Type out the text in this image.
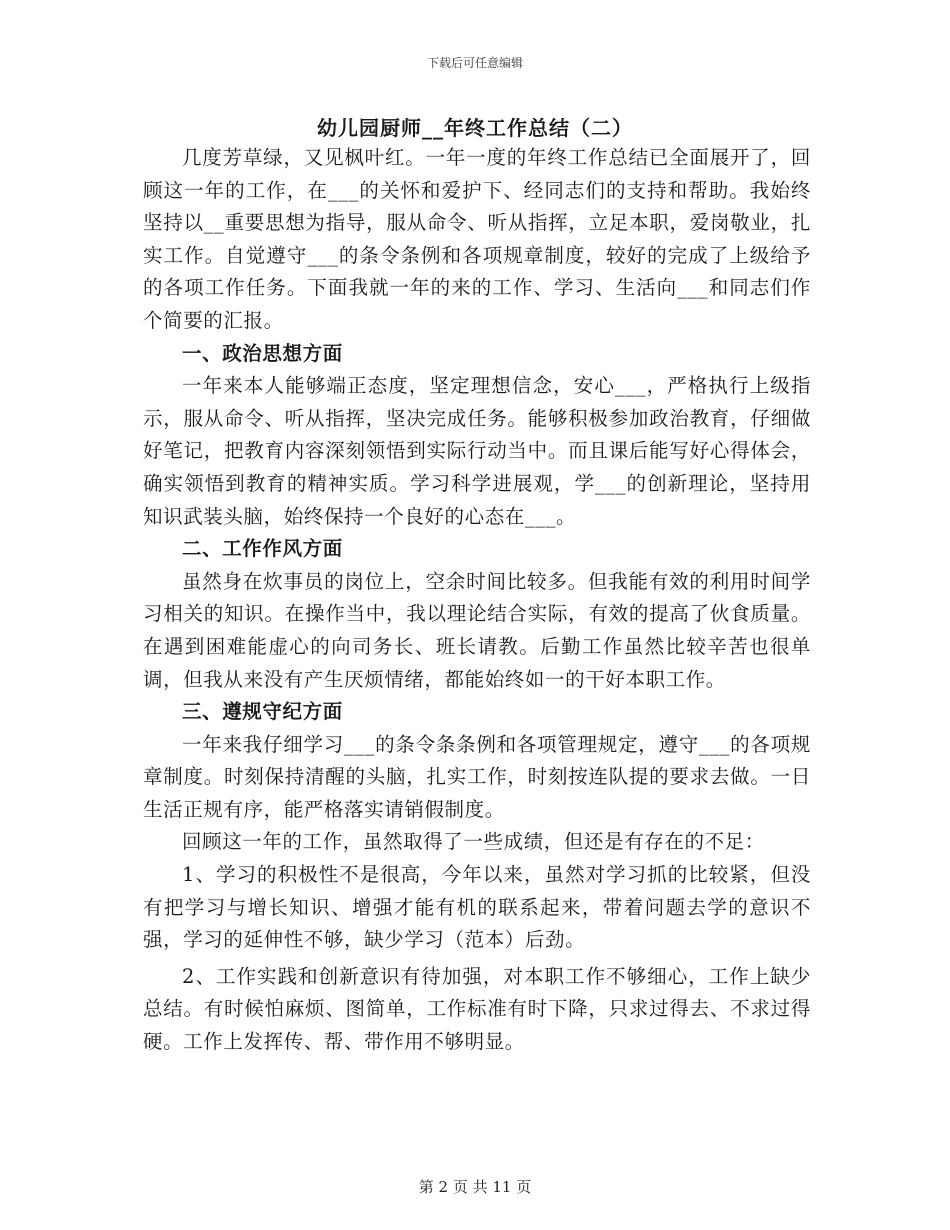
下载后可任意编辑
幼儿园厨师__年终工作总结（二）

几度芳草绿，又见枫叶红。一年一度的年终工作总结已全面展开了，回顾这一年的工作，在___的关怀和爱护下、经同志们的支持和帮助。我始终坚持以__重要思想为指导，服从命令、听从指挥，立足本职，爱岗敬业，扎实工作。自觉遵守___的条令条例和各项规章制度，较好的完成了上级给予的各项工作任务。下面我就一年的来的工作、学习、生活向___和同志们作个简要的汇报。

一、政治思想方面

一年来本人能够端正态度，坚定理想信念，安心___，严格执行上级指示，服从命令、听从指挥，坚决完成任务。能够积极参加政治教育，仔细做好笔记，把教育内容深刻领悟到实际行动当中。而且课后能写好心得体会，确实领悟到教育的精神实质。学习科学进展观，学___的创新理论，坚持用知识武装头脑，始终保持一个良好的心态在___。

二、工作作风方面

虽然身在炊事员的岗位上，空余时间比较多。但我能有效的利用时间学习相关的知识。在操作当中，我以理论结合实际，有效的提高了伙食质量。在遇到困难能虚心的向司务长、班长请教。后勤工作虽然比较辛苦也很单调，但我从来没有产生厌烦情绪，都能始终如一的干好本职工作。

三、遵规守纪方面

一年来我仔细学习___的条令条条例和各项管理规定，遵守___的各项规章制度。时刻保持清醒的头脑，扎实工作，时刻按连队提的要求去做。一日生活正规有序，能严格落实请销假制度。

回顾这一年的工作，虽然取得了一些成绩，但还是有存在的不足：

1、学习的积极性不是很高，今年以来，虽然对学习抓的比较紧，但没有把学习与增长知识、增强才能有机的联系起来，带着问题去学的意识不强，学习的延伸性不够，缺少学习（范本）后劲。

2、工作实践和创新意识有待加强，对本职工作不够细心，工作上缺少总结。有时候怕麻烦、图简单，工作标准有时下降，只求过得去、不求过得硬。工作上发挥传、帮、带作用不够明显。

第 2 页 共 11 页
